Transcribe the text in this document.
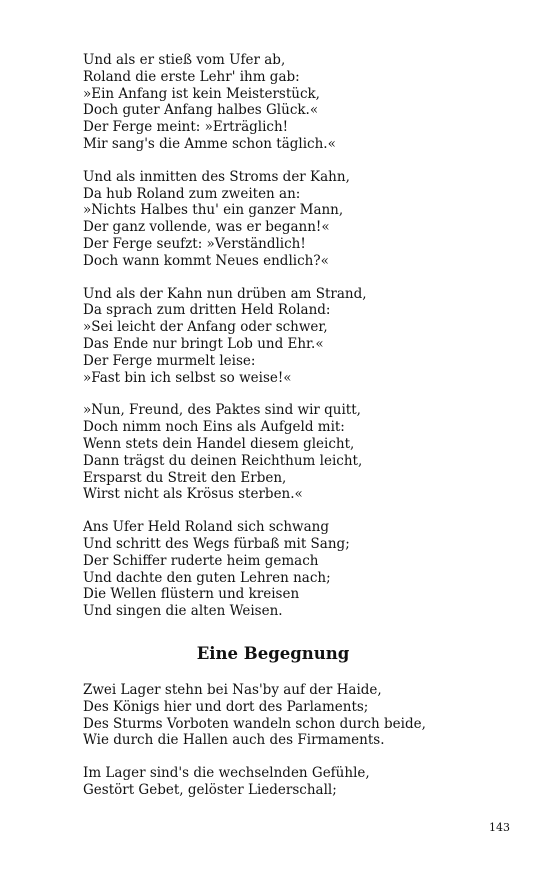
Und als er stieß vom Ufer ab,
Roland die erste Lehr' ihm gab:
»Ein Anfang ist kein Meisterstück,
Doch guter Anfang halbes Glück.«
Der Ferge meint: »Erträglich!
Mir sang's die Amme schon täglich.«
Und als inmitten des Stroms der Kahn,
Da hub Roland zum zweiten an:
»Nichts Halbes thu' ein ganzer Mann,
Der ganz vollende, was er begann!«
Der Ferge seufzt: »Verständlich!
Doch wann kommt Neues endlich?«
Und als der Kahn nun drüben am Strand,
Da sprach zum dritten Held Roland:
»Sei leicht der Anfang oder schwer,
Das Ende nur bringt Lob und Ehr.«
Der Ferge murmelt leise:
»Fast bin ich selbst so weise!«
»Nun, Freund, des Paktes sind wir quitt,
Doch nimm noch Eins als Aufgeld mit:
Wenn stets dein Handel diesem gleicht,
Dann trägst du deinen Reichthum leicht,
Ersparst du Streit den Erben,
Wirst nicht als Krösus sterben.«
Ans Ufer Held Roland sich schwang
Und schritt des Wegs fürbaß mit Sang;
Der Schiffer ruderte heim gemach
Und dachte den guten Lehren nach;
Die Wellen flüstern und kreisen
Und singen die alten Weisen.
Eine Begegnung
Zwei Lager stehn bei Nas'by auf der Haide,
Des Königs hier und dort des Parlaments;
Des Sturms Vorboten wandeln schon durch beide,
Wie durch die Hallen auch des Firmaments.
Im Lager sind's die wechselnden Gefühle,
Gestört Gebet, gelöster Liederschall;
143
